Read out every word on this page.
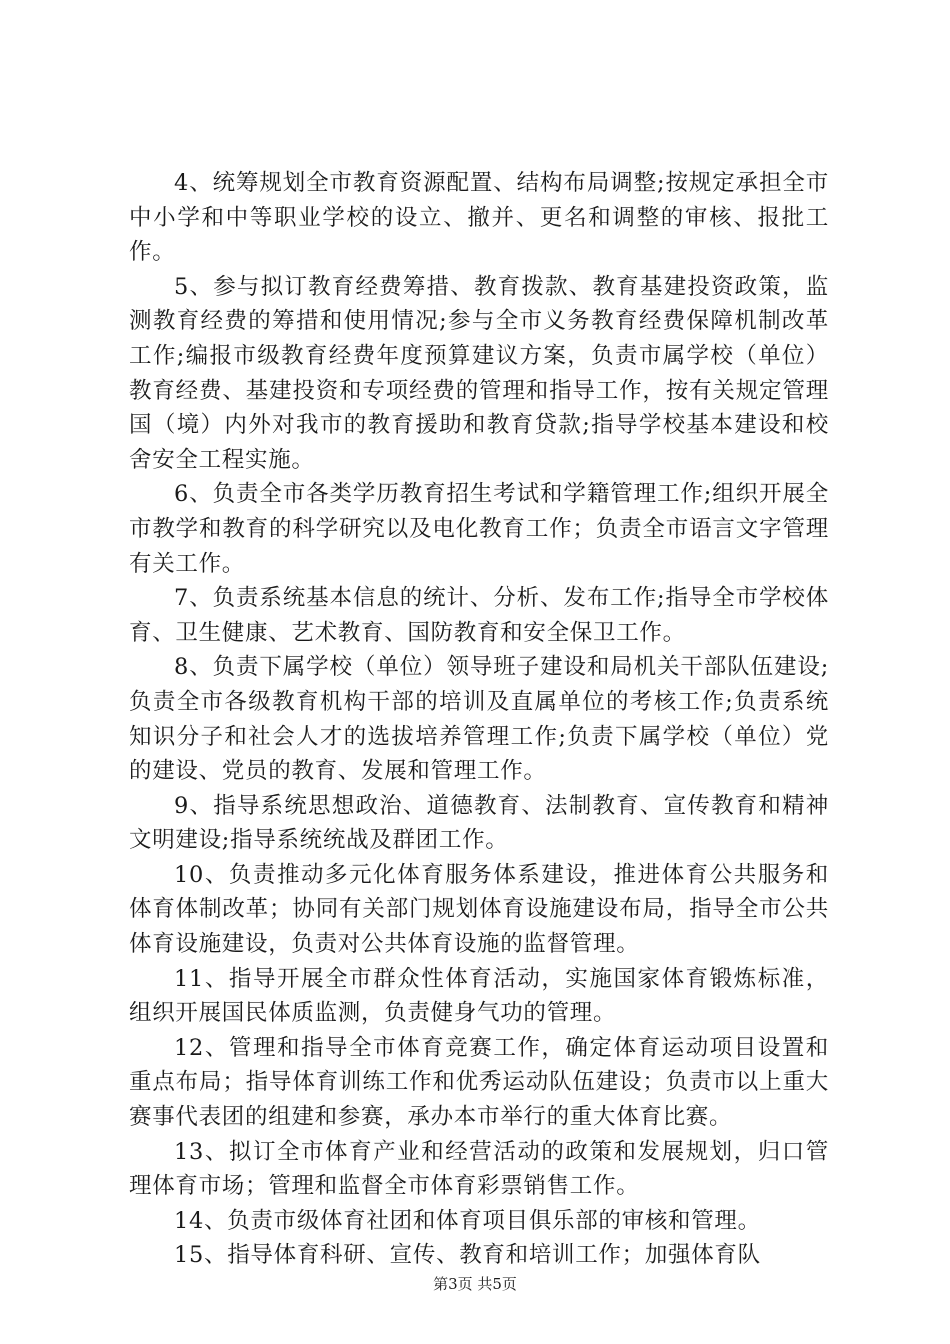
4、统筹规划全市教育资源配置、结构布局调整;按规定承担全市中小学和中等职业学校的设立、撤并、更名和调整的审核、报批工作。

5、参与拟订教育经费筹措、教育拨款、教育基建投资政策，监测教育经费的筹措和使用情况;参与全市义务教育经费保障机制改革工作;编报市级教育经费年度预算建议方案，负责市属学校（单位）教育经费、基建投资和专项经费的管理和指导工作，按有关规定管理国（境）内外对我市的教育援助和教育贷款;指导学校基本建设和校舍安全工程实施。

6、负责全市各类学历教育招生考试和学籍管理工作;组织开展全市教学和教育的科学研究以及电化教育工作；负责全市语言文字管理有关工作。

7、负责系统基本信息的统计、分析、发布工作;指导全市学校体育、卫生健康、艺术教育、国防教育和安全保卫工作。

8、负责下属学校（单位）领导班子建设和局机关干部队伍建设;负责全市各级教育机构干部的培训及直属单位的考核工作;负责系统知识分子和社会人才的选拔培养管理工作;负责下属学校（单位）党的建设、党员的教育、发展和管理工作。

9、指导系统思想政治、道德教育、法制教育、宣传教育和精神文明建设;指导系统统战及群团工作。

10、负责推动多元化体育服务体系建设，推进体育公共服务和体育体制改革；协同有关部门规划体育设施建设布局，指导全市公共体育设施建设，负责对公共体育设施的监督管理。

11、指导开展全市群众性体育活动，实施国家体育锻炼标准，组织开展国民体质监测，负责健身气功的管理。

12、管理和指导全市体育竞赛工作，确定体育运动项目设置和重点布局；指导体育训练工作和优秀运动队伍建设；负责市以上重大赛事代表团的组建和参赛，承办本市举行的重大体育比赛。

13、拟订全市体育产业和经营活动的政策和发展规划，归口管理体育市场；管理和监督全市体育彩票销售工作。

14、负责市级体育社团和体育项目俱乐部的审核和管理。

15、指导体育科研、宣传、教育和培训工作；加强体育队

第3页 共5页
